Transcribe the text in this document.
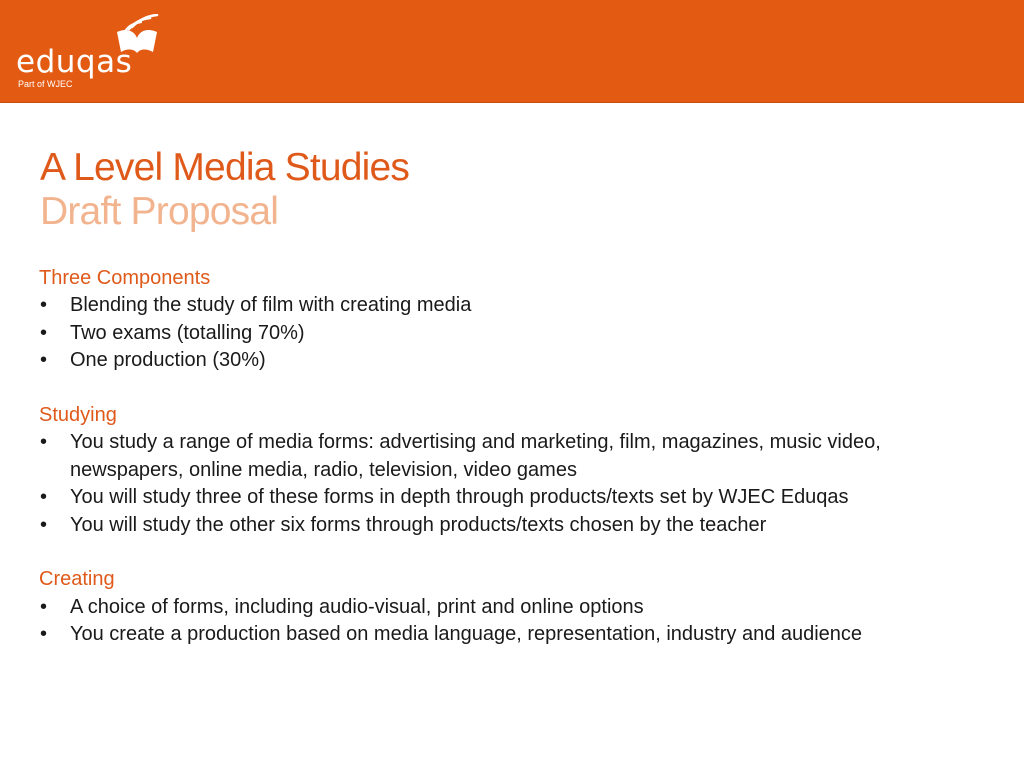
eduqas
Part of WJEC
A Level Media Studies
Draft Proposal
Three Components
• Blending the study of film with creating media
• Two exams (totalling 70%)
• One production (30%)
Studying
• You study a range of media forms: advertising and marketing, film, magazines, music video, newspapers, online media, radio, television, video games
• You will study three of these forms in depth through products/texts set by WJEC Eduqas
• You will study the other six forms through products/texts chosen by the teacher
Creating
• A choice of forms, including audio-visual, print and online options
• You create a production based on media language, representation, industry and audience
